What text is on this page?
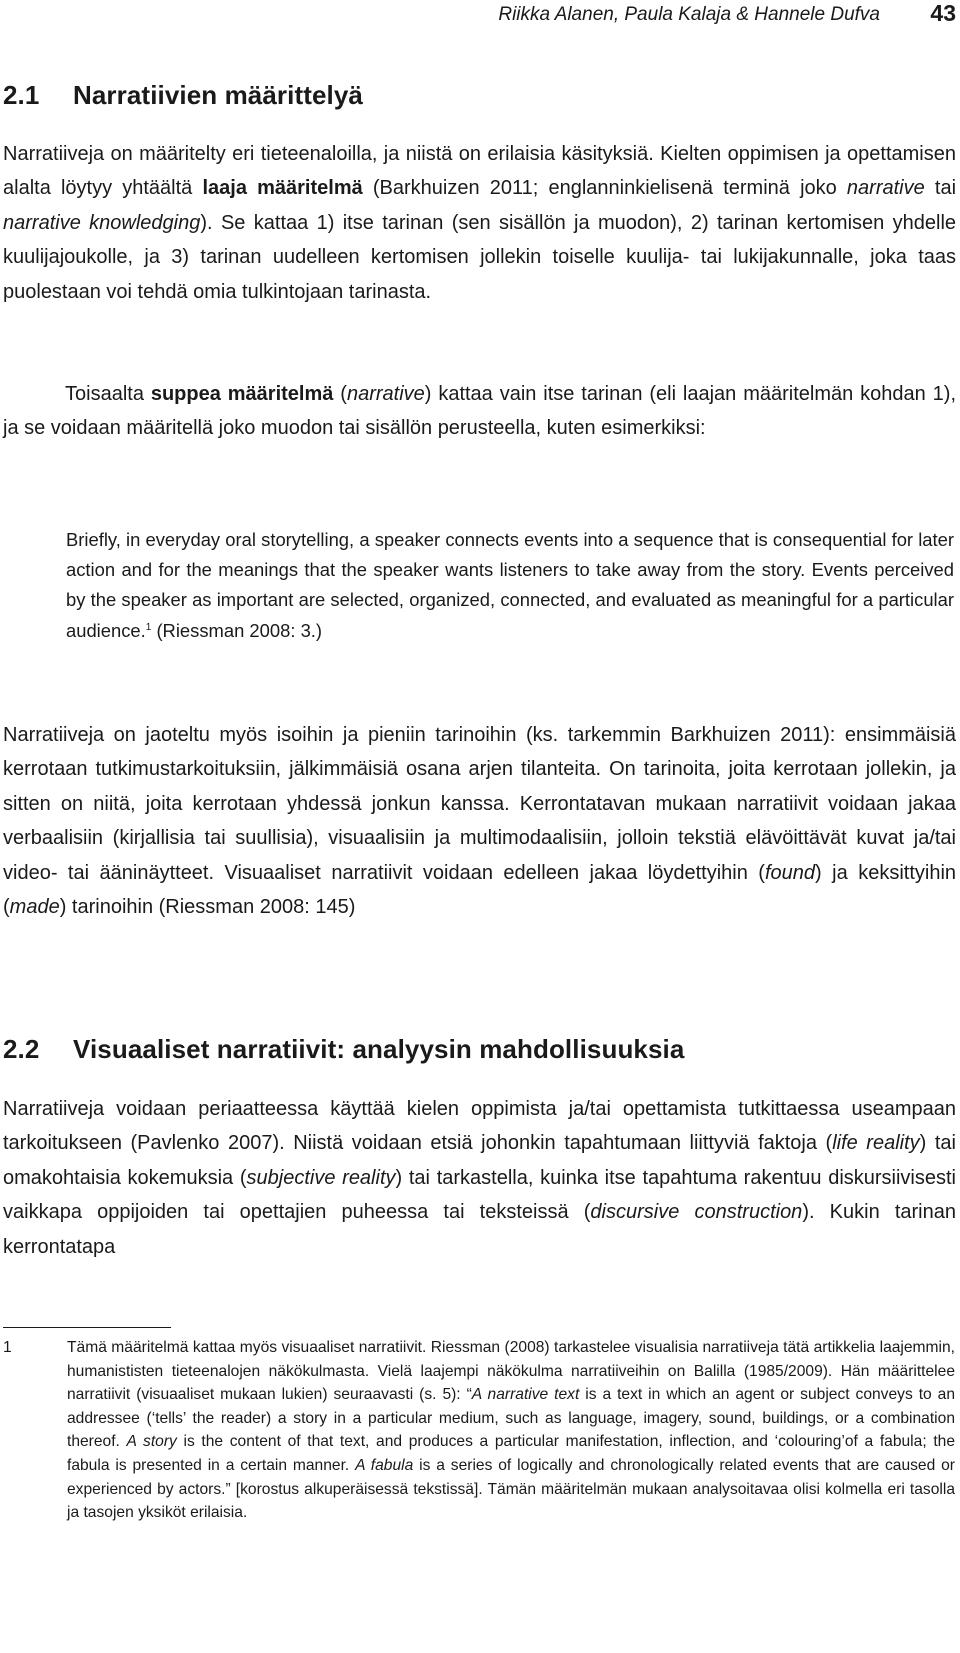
Riikka Alanen, Paula Kalaja & Hannele Dufva 43
2.1 Narratiivien määrittelyä

Narratiiveja on määritelty eri tieteenaloilla, ja niistä on erilaisia käsityksiä. Kielten oppimisen ja opettamisen alalta löytyy yhtäältä laaja määritelmä (Barkhuizen 2011; englanninkielisenä terminä joko narrative tai narrative knowledging). Se kattaa 1) itse tarinan (sen sisällön ja muodon), 2) tarinan kertomisen yhdelle kuulijajoukolle, ja 3) tarinan uudelleen kertomisen jollekin toiselle kuulija- tai lukijakunnalle, joka taas puolestaan voi tehdä omia tulkintojaan tarinasta.

Toisaalta suppea määritelmä (narrative) kattaa vain itse tarinan (eli laajan määritelmän kohdan 1), ja se voidaan määritellä joko muodon tai sisällön perusteella, kuten esimerkiksi:

Briefly, in everyday oral storytelling, a speaker connects events into a sequence that is consequential for later action and for the meanings that the speaker wants listeners to take away from the story. Events perceived by the speaker as important are selected, organized, connected, and evaluated as meaningful for a particular audience.$^1$ (Riessman 2008: 3.)

Narratiiveja on jaoteltu myös isoihin ja pieniin tarinoihin (ks. tarkemmin Barkhuizen 2011): ensimmäisiä kerrotaan tutkimustarkoituksiin, jälkimmäisiä osana arjen tilanteita. On tarinoita, joita kerrotaan jollekin, ja sitten on niitä, joita kerrotaan yhdessä jonkun kanssa. Kerrontatavan mukaan narratiivit voidaan jakaa verbaalisiin (kirjallisia tai suullisia), visuaalisiin ja multimodaalisiin, jolloin tekstiä elävöittävät kuvat ja/tai video- tai ääninäytteet. Visuaaliset narratiivit voidaan edelleen jakaa löydettyihin (found) ja keksittyihin (made) tarinoihin (Riessman 2008: 145)

2.2 Visuaaliset narratiivit: analyysin mahdollisuuksia

Narratiiveja voidaan periaatteessa käyttää kielen oppimista ja/tai opettamista tutkittaessa useampaan tarkoitukseen (Pavlenko 2007). Niistä voidaan etsiä johonkin tapahtumaan liittyviä faktoja (life reality) tai omakohtaisia kokemuksia (subjective reality) tai tarkastella, kuinka itse tapahtuma rakentuu diskursiivisesti vaikkapa oppijoiden tai opettajien puheessa tai teksteissä (discursive construction). Kukin tarinan kerrontatapa

1	Tämä määritelmä kattaa myös visuaaliset narratiivit. Riessman (2008) tarkastelee visualisia narratiiveja tätä artikkelia laajemmin, humanististen tieteenalojen näkökulmasta. Vielä laajempi näkökulma narratiiveihin on Balilla (1985/2009). Hän määrittelee narratiivit (visuaaliset mukaan lukien) seuraavasti (s. 5): “A narrative text is a text in which an agent or subject conveys to an addressee (‘tells’ the reader) a story in a particular medium, such as language, imagery, sound, buildings, or a combination thereof. A story is the content of that text, and produces a particular manifestation, inflection, and ‘colouring’of a fabula; the fabula is presented in a certain manner. A fabula is a series of logically and chronologically related events that are caused or experienced by actors.” [korostus alkuperäisessä tekstissä]. Tämän määritelmän mukaan analysoitavaa olisi kolmella eri tasolla ja tasojen yksiköt erilaisia.
